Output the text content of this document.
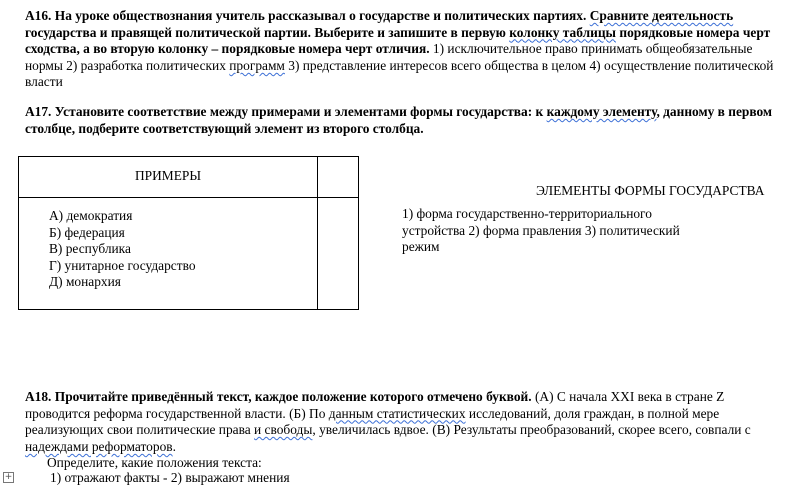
А16. На уроке обществознания учитель рассказывал о государстве и политических партиях. Сравните деятельность государства и правящей политической партии. Выберите и запишите в первую колонку таблицы порядковые номера черт сходства, а во вторую колонку – порядковые номера черт отличия. 1) исключительное право принимать общеобязательные нормы 2) разработка политических программ 3) представление интересов всего общества в целом 4) осуществление политической власти
А17. Установите соответствие между примерами и элементами формы государства: к каждому элементу, данному в первом столбце, подберите соответствующий элемент из второго столбца.
ПРИМЕРЫ
А) демократия
Б) федерация
В) республика
Г) унитарное государство
Д) монархия
ЭЛЕМЕНТЫ ФОРМЫ ГОСУДАРСТВА
1) форма государственно-территориального устройства 2) форма правления 3) политический режим
А18. Прочитайте приведённый текст, каждое положение которого отмечено буквой. (А) С начала XXI века в стране Z проводится реформа государственной власти. (Б) По данным статистических исследований, доля граждан, в полной мере реализующих свои политические права и свободы, увеличилась вдвое. (В) Результаты преобразований, скорее всего, совпали с надеждами реформаторов.
Определите, какие положения текста:
1) отражают факты - 2) выражают мнения
+
